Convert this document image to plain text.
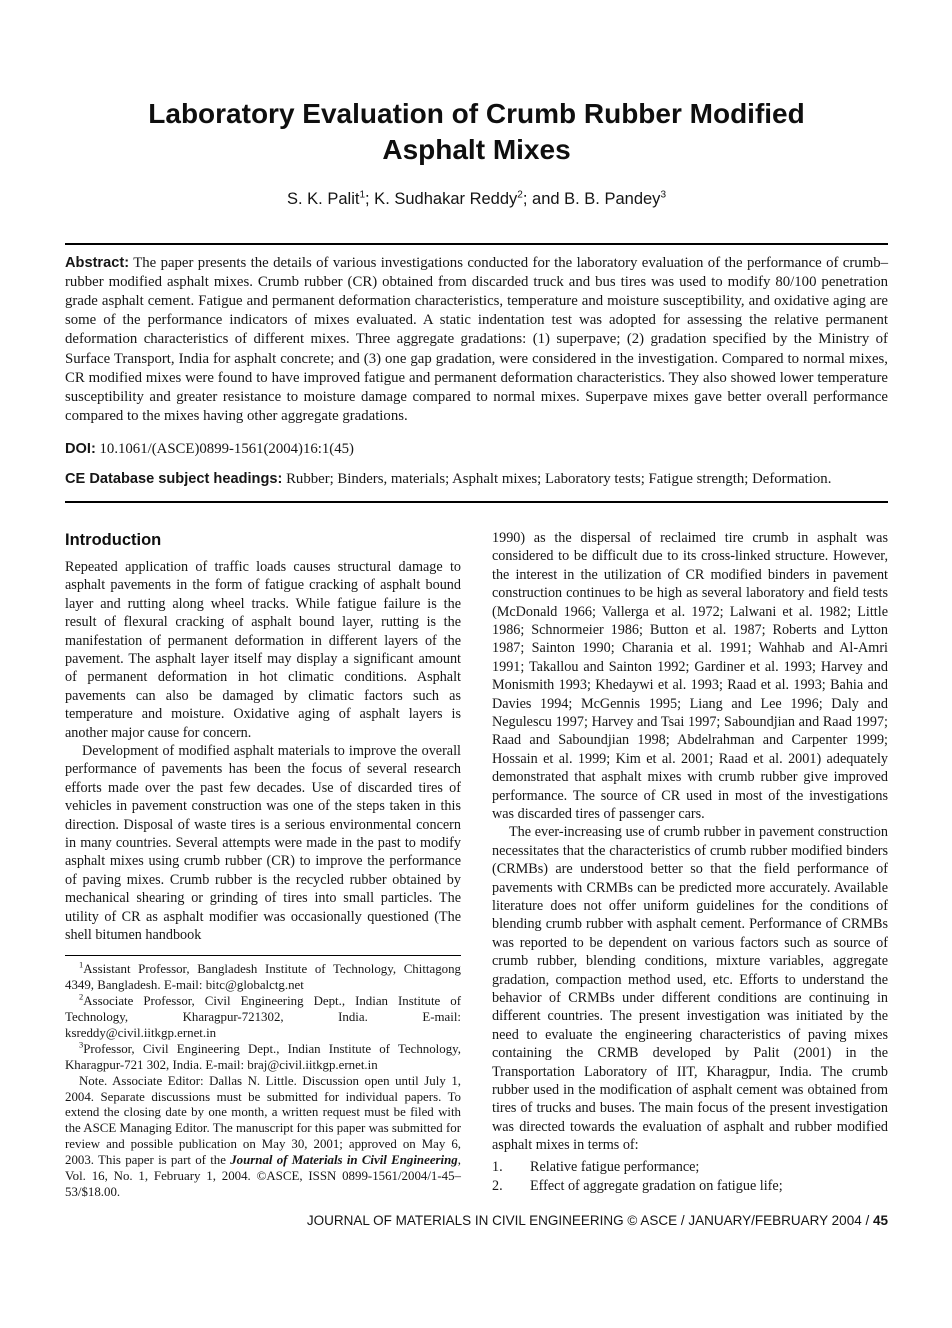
Laboratory Evaluation of Crumb Rubber Modified Asphalt Mixes

S. K. Palit$^1$; K. Sudhakar Reddy$^2$; and B. B. Pandey$^3$

Abstract: The paper presents the details of various investigations conducted for the laboratory evaluation of the performance of crumb–rubber modified asphalt mixes. Crumb rubber (CR) obtained from discarded truck and bus tires was used to modify 80/100 penetration grade asphalt cement. Fatigue and permanent deformation characteristics, temperature and moisture susceptibility, and oxidative aging are some of the performance indicators of mixes evaluated. A static indentation test was adopted for assessing the relative permanent deformation characteristics of different mixes. Three aggregate gradations: (1) superpave; (2) gradation specified by the Ministry of Surface Transport, India for asphalt concrete; and (3) one gap gradation, were considered in the investigation. Compared to normal mixes, CR modified mixes were found to have improved fatigue and permanent deformation characteristics. They also showed lower temperature susceptibility and greater resistance to moisture damage compared to normal mixes. Superpave mixes gave better overall performance compared to the mixes having other aggregate gradations.

DOI: 10.1061/(ASCE)0899-1561(2004)16:1(45)

CE Database subject headings: Rubber; Binders, materials; Asphalt mixes; Laboratory tests; Fatigue strength; Deformation.

Introduction

Repeated application of traffic loads causes structural damage to asphalt pavements in the form of fatigue cracking of asphalt bound layer and rutting along wheel tracks. While fatigue failure is the result of flexural cracking of asphalt bound layer, rutting is the manifestation of permanent deformation in different layers of the pavement. The asphalt layer itself may display a significant amount of permanent deformation in hot climatic conditions. Asphalt pavements can also be damaged by climatic factors such as temperature and moisture. Oxidative aging of asphalt layers is another major cause for concern.

Development of modified asphalt materials to improve the overall performance of pavements has been the focus of several research efforts made over the past few decades. Use of discarded tires of vehicles in pavement construction was one of the steps taken in this direction. Disposal of waste tires is a serious environmental concern in many countries. Several attempts were made in the past to modify asphalt mixes using crumb rubber (CR) to improve the performance of paving mixes. Crumb rubber is the recycled rubber obtained by mechanical shearing or grinding of tires into small particles. The utility of CR as asphalt modifier was occasionally questioned (The shell bitumen handbook

$^1$Assistant Professor, Bangladesh Institute of Technology, Chittagong 4349, Bangladesh. E-mail: bitc@globalctg.net

$^2$Associate Professor, Civil Engineering Dept., Indian Institute of Technology, Kharagpur-721302, India. E-mail: ksreddy@civil.iitkgp.ernet.in

$^3$Professor, Civil Engineering Dept., Indian Institute of Technology, Kharagpur-721 302, India. E-mail: braj@civil.iitkgp.ernet.in

Note. Associate Editor: Dallas N. Little. Discussion open until July 1, 2004. Separate discussions must be submitted for individual papers. To extend the closing date by one month, a written request must be filed with the ASCE Managing Editor. The manuscript for this paper was submitted for review and possible publication on May 30, 2001; approved on May 6, 2003. This paper is part of the Journal of Materials in Civil Engineering, Vol. 16, No. 1, February 1, 2004. ©ASCE, ISSN 0899-1561/2004/1-45–53/$18.00.

1990) as the dispersal of reclaimed tire crumb in asphalt was considered to be difficult due to its cross-linked structure. However, the interest in the utilization of CR modified binders in pavement construction continues to be high as several laboratory and field tests (McDonald 1966; Vallerga et al. 1972; Lalwani et al. 1982; Little 1986; Schnormeier 1986; Button et al. 1987; Roberts and Lytton 1987; Sainton 1990; Charania et al. 1991; Wahhab and Al-Amri 1991; Takallou and Sainton 1992; Gardiner et al. 1993; Harvey and Monismith 1993; Khedaywi et al. 1993; Raad et al. 1993; Bahia and Davies 1994; McGennis 1995; Liang and Lee 1996; Daly and Negulescu 1997; Harvey and Tsai 1997; Saboundjian and Raad 1997; Raad and Saboundjian 1998; Abdelrahman and Carpenter 1999; Hossain et al. 1999; Kim et al. 2001; Raad et al. 2001) adequately demonstrated that asphalt mixes with crumb rubber give improved performance. The source of CR used in most of the investigations was discarded tires of passenger cars.

The ever-increasing use of crumb rubber in pavement construction necessitates that the characteristics of crumb rubber modified binders (CRMBs) are understood better so that the field performance of pavements with CRMBs can be predicted more accurately. Available literature does not offer uniform guidelines for the conditions of blending crumb rubber with asphalt cement. Performance of CRMBs was reported to be dependent on various factors such as source of crumb rubber, blending conditions, mixture variables, aggregate gradation, compaction method used, etc. Efforts to understand the behavior of CRMBs under different conditions are continuing in different countries. The present investigation was initiated by the need to evaluate the engineering characteristics of paving mixes containing the CRMB developed by Palit (2001) in the Transportation Laboratory of IIT, Kharagpur, India. The crumb rubber used in the modification of asphalt cement was obtained from tires of trucks and buses. The main focus of the present investigation was directed towards the evaluation of asphalt and rubber modified asphalt mixes in terms of:

1.	Relative fatigue performance;
2.	Effect of aggregate gradation on fatigue life;
JOURNAL OF MATERIALS IN CIVIL ENGINEERING © ASCE / JANUARY/FEBRUARY 2004 / 45
